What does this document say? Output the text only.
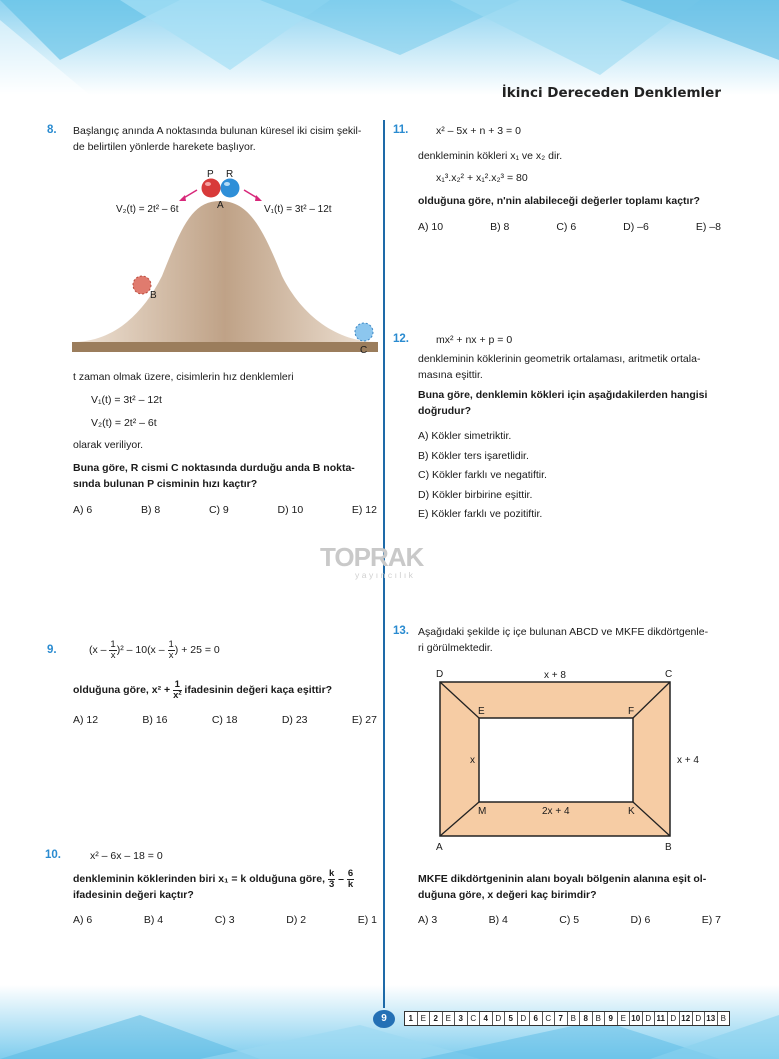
İkinci Dereceden Denklemler
TOPRAK
yayıncılık
8. Başlangıç anında A noktasında bulunan küresel iki cisim şekil-
de belirtilen yönlerde harekete başlıyor.
P R
A
B
C
V₂(t) = 2t² – 6t	V₁(t) = 3t² – 12t
t zaman olmak üzere, cisimlerin hız denklemleri
V₁(t) = 3t² – 12t
V₂(t) = 2t² – 6t
olarak veriliyor.
Buna göre, R cismi C noktasında durduğu anda B nokta-
sında bulunan P cisminin hızı kaçtır?
A) 6	B) 8	C) 9	D) 10	E) 12
9.	$(x - \frac{1}{x} )^2 - 10(x - \frac{1}{x}$ ) + 25 = 0
olduğuna göre, $x^2 + \frac{1}{\text{x²}}$ ifadesinin değeri kaça eşittir?
A) 12	B) 16	C) 18	D) 23	E) 27
10.	x² – 6x – 18 = 0
denkleminin köklerinden biri x₁ = k olduğuna göre, $\frac{k}{3} - \frac{6}{k}$
ifadesinin değeri kaçtır?
A) 6	B) 4	C) 3	D) 2	E) 1
11.	x² – 5x + n + 3 = 0
denkleminin kökleri x₁ ve x₂ dir.
x₁³.x₂² + x₁².x₂³ = 80
olduğuna göre, n'nin alabileceği değerler toplamı kaçtır?
A) 10	B) 8	C) 6	D) –6	E) –8
12.	mx² + nx + p = 0
denkleminin köklerinin geometrik ortalaması, aritmetik ortala-
masına eşittir.
Buna göre, denklemin kökleri için aşağıdakilerden hangisi
doğrudur?
A) Kökler simetriktir.
B) Kökler ters işaretlidir.
C) Kökler farklı ve negatiftir.
D) Kökler birbirine eşittir.
E) Kökler farklı ve pozitiftir.
13. Aşağıdaki şekilde iç içe bulunan ABCD ve MKFE dikdörtgenle-
ri görülmektedir.
D	C
A	B
E	F
M	K
x + 8
x + 4
x
2x + 4
MKFE dikdörtgeninin alanı boyalı bölgenin alanına eşit ol-
duğuna göre, x değeri kaç birimdir?
A) 3	B) 4	C) 5	D) 6	E) 7
9	1 E 2 E 3 C 4 D 5 D 6 C 7 B 8 B 9 E 10 D 11 D 12 D 13 B
